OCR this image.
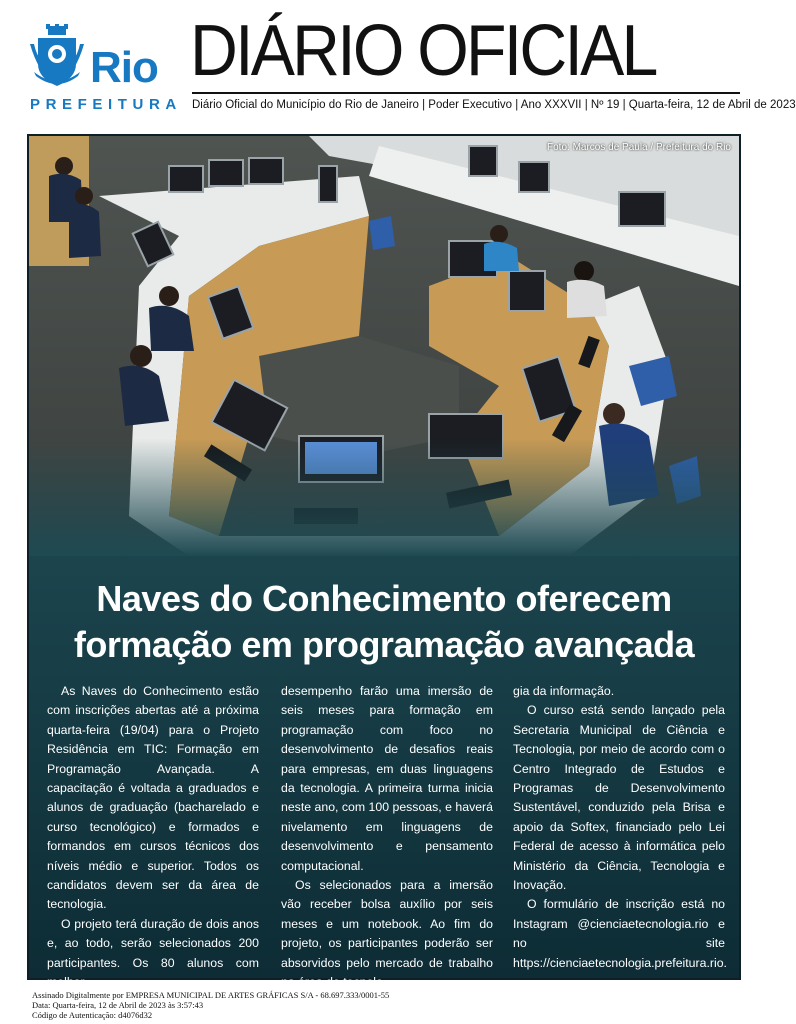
Rio
PREFEITURA
DIÁRIO OFICIAL
Diário Oficial do Município do Rio de Janeiro | Poder Executivo | Ano XXXVII | Nº 19 | Quarta-feira, 12 de Abril de 2023
Foto: Marcos de Paula / Prefeitura do Rio
Naves do Conhecimento oferecem
formação em programação avançada

As Naves do Conhecimento estão com inscrições abertas até a próxima quarta-feira (19/04) para o Projeto Residência em TIC: Formação em Programação Avançada. A capacitação é voltada a graduados e alunos de graduação (bacharelado e curso tecnológico) e formados e formandos em cursos técnicos dos níveis médio e superior. Todos os candidatos devem ser da área de tecnologia.

O projeto terá duração de dois anos e, ao todo, serão selecionados 200 participantes. Os 80 alunos com melhor

desempenho farão uma imersão de seis meses para formação em programação com foco no desenvolvimento de desafios reais para empresas, em duas linguagens da tecnologia. A primeira turma inicia neste ano, com 100 pessoas, e haverá nivelamento em linguagens de desenvolvimento e pensamento computacional.

Os selecionados para a imersão vão receber bolsa auxílio por seis meses e um notebook. Ao fim do projeto, os participantes poderão ser absorvidos pelo mercado de trabalho na área de tecnolo-

gia da informação.

O curso está sendo lançado pela Secretaria Municipal de Ciência e Tecnologia, por meio de acordo com o Centro Integrado de Estudos e Programas de Desenvolvimento Sustentável, conduzido pela Brisa e apoio da Softex, financiado pelo Lei Federal de acesso à informática pelo Ministério da Ciência, Tecnologia e Inovação.

O formulário de inscrição está no Instagram @cienciaetecnologia.rio e no site https://cienciaetecnologia.prefeitura.rio.

Assinado Digitalmente por EMPRESA MUNICIPAL DE ARTES GRÁFICAS S/A - 68.697.333/0001-55
Data: Quarta-feira, 12 de Abril de 2023 às 3:57:43
Código de Autenticação: d4076d32
